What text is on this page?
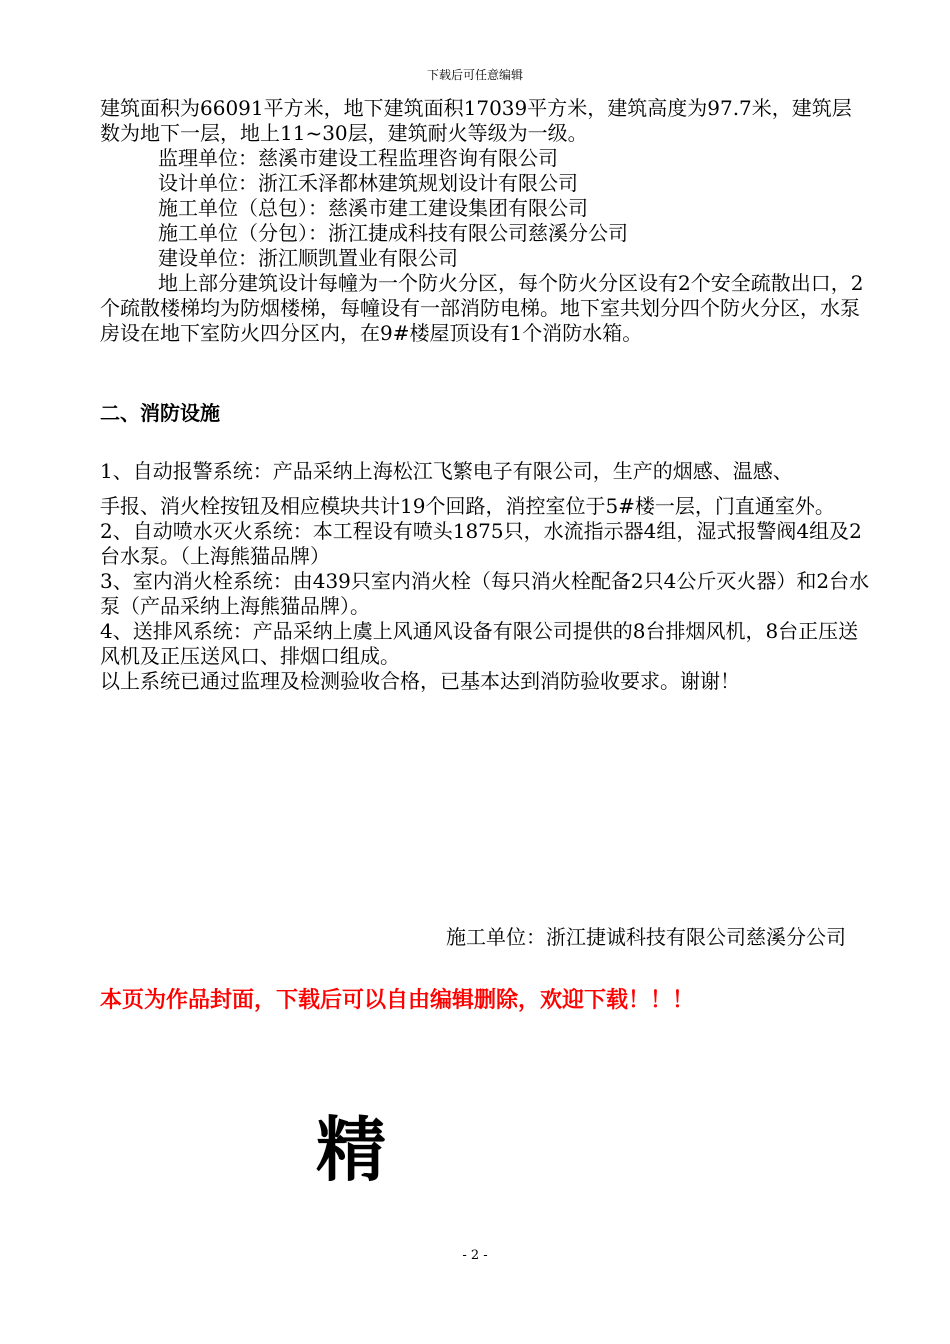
下载后可任意编辑

建筑面积为66091平方米，地下建筑面积17039平方米，建筑高度为97.7米，建筑层数为地下一层，地上11~30层，建筑耐火等级为一级。

监理单位：慈溪市建设工程监理咨询有限公司

设计单位：浙江禾泽都林建筑规划设计有限公司

施工单位（总包）：慈溪市建工建设集团有限公司

施工单位（分包）：浙江捷成科技有限公司慈溪分公司

建设单位：浙江顺凯置业有限公司

地上部分建筑设计每幢为一个防火分区，每个防火分区设有2个安全疏散出口，2个疏散楼梯均为防烟楼梯，每幢设有一部消防电梯。地下室共划分四个防火分区，水泵房设在地下室防火四分区内，在9#楼屋顶设有1个消防水箱。

二、消防设施

1、自动报警系统：产品采纳上海松江飞繁电子有限公司，生产的烟感、温感、

手报、消火栓按钮及相应模块共计19个回路，消控室位于5#楼一层，门直通室外。

2、自动喷水灭火系统：本工程设有喷头1875只，水流指示器4组，湿式报警阀4组及2台水泵。（上海熊猫品牌）

3、室内消火栓系统：由439只室内消火栓（每只消火栓配备2只4公斤灭火器）和2台水泵（产品采纳上海熊猫品牌）。

4、送排风系统：产品采纳上虞上风通风设备有限公司提供的8台排烟风机，8台正压送风机及正压送风口、排烟口组成。

以上系统已通过监理及检测验收合格，已基本达到消防验收要求。谢谢！

施工单位：浙江捷诚科技有限公司慈溪分公司
本页为作品封面，下载后可以自由编辑删除，欢迎下载！！！
精
- 2 -
